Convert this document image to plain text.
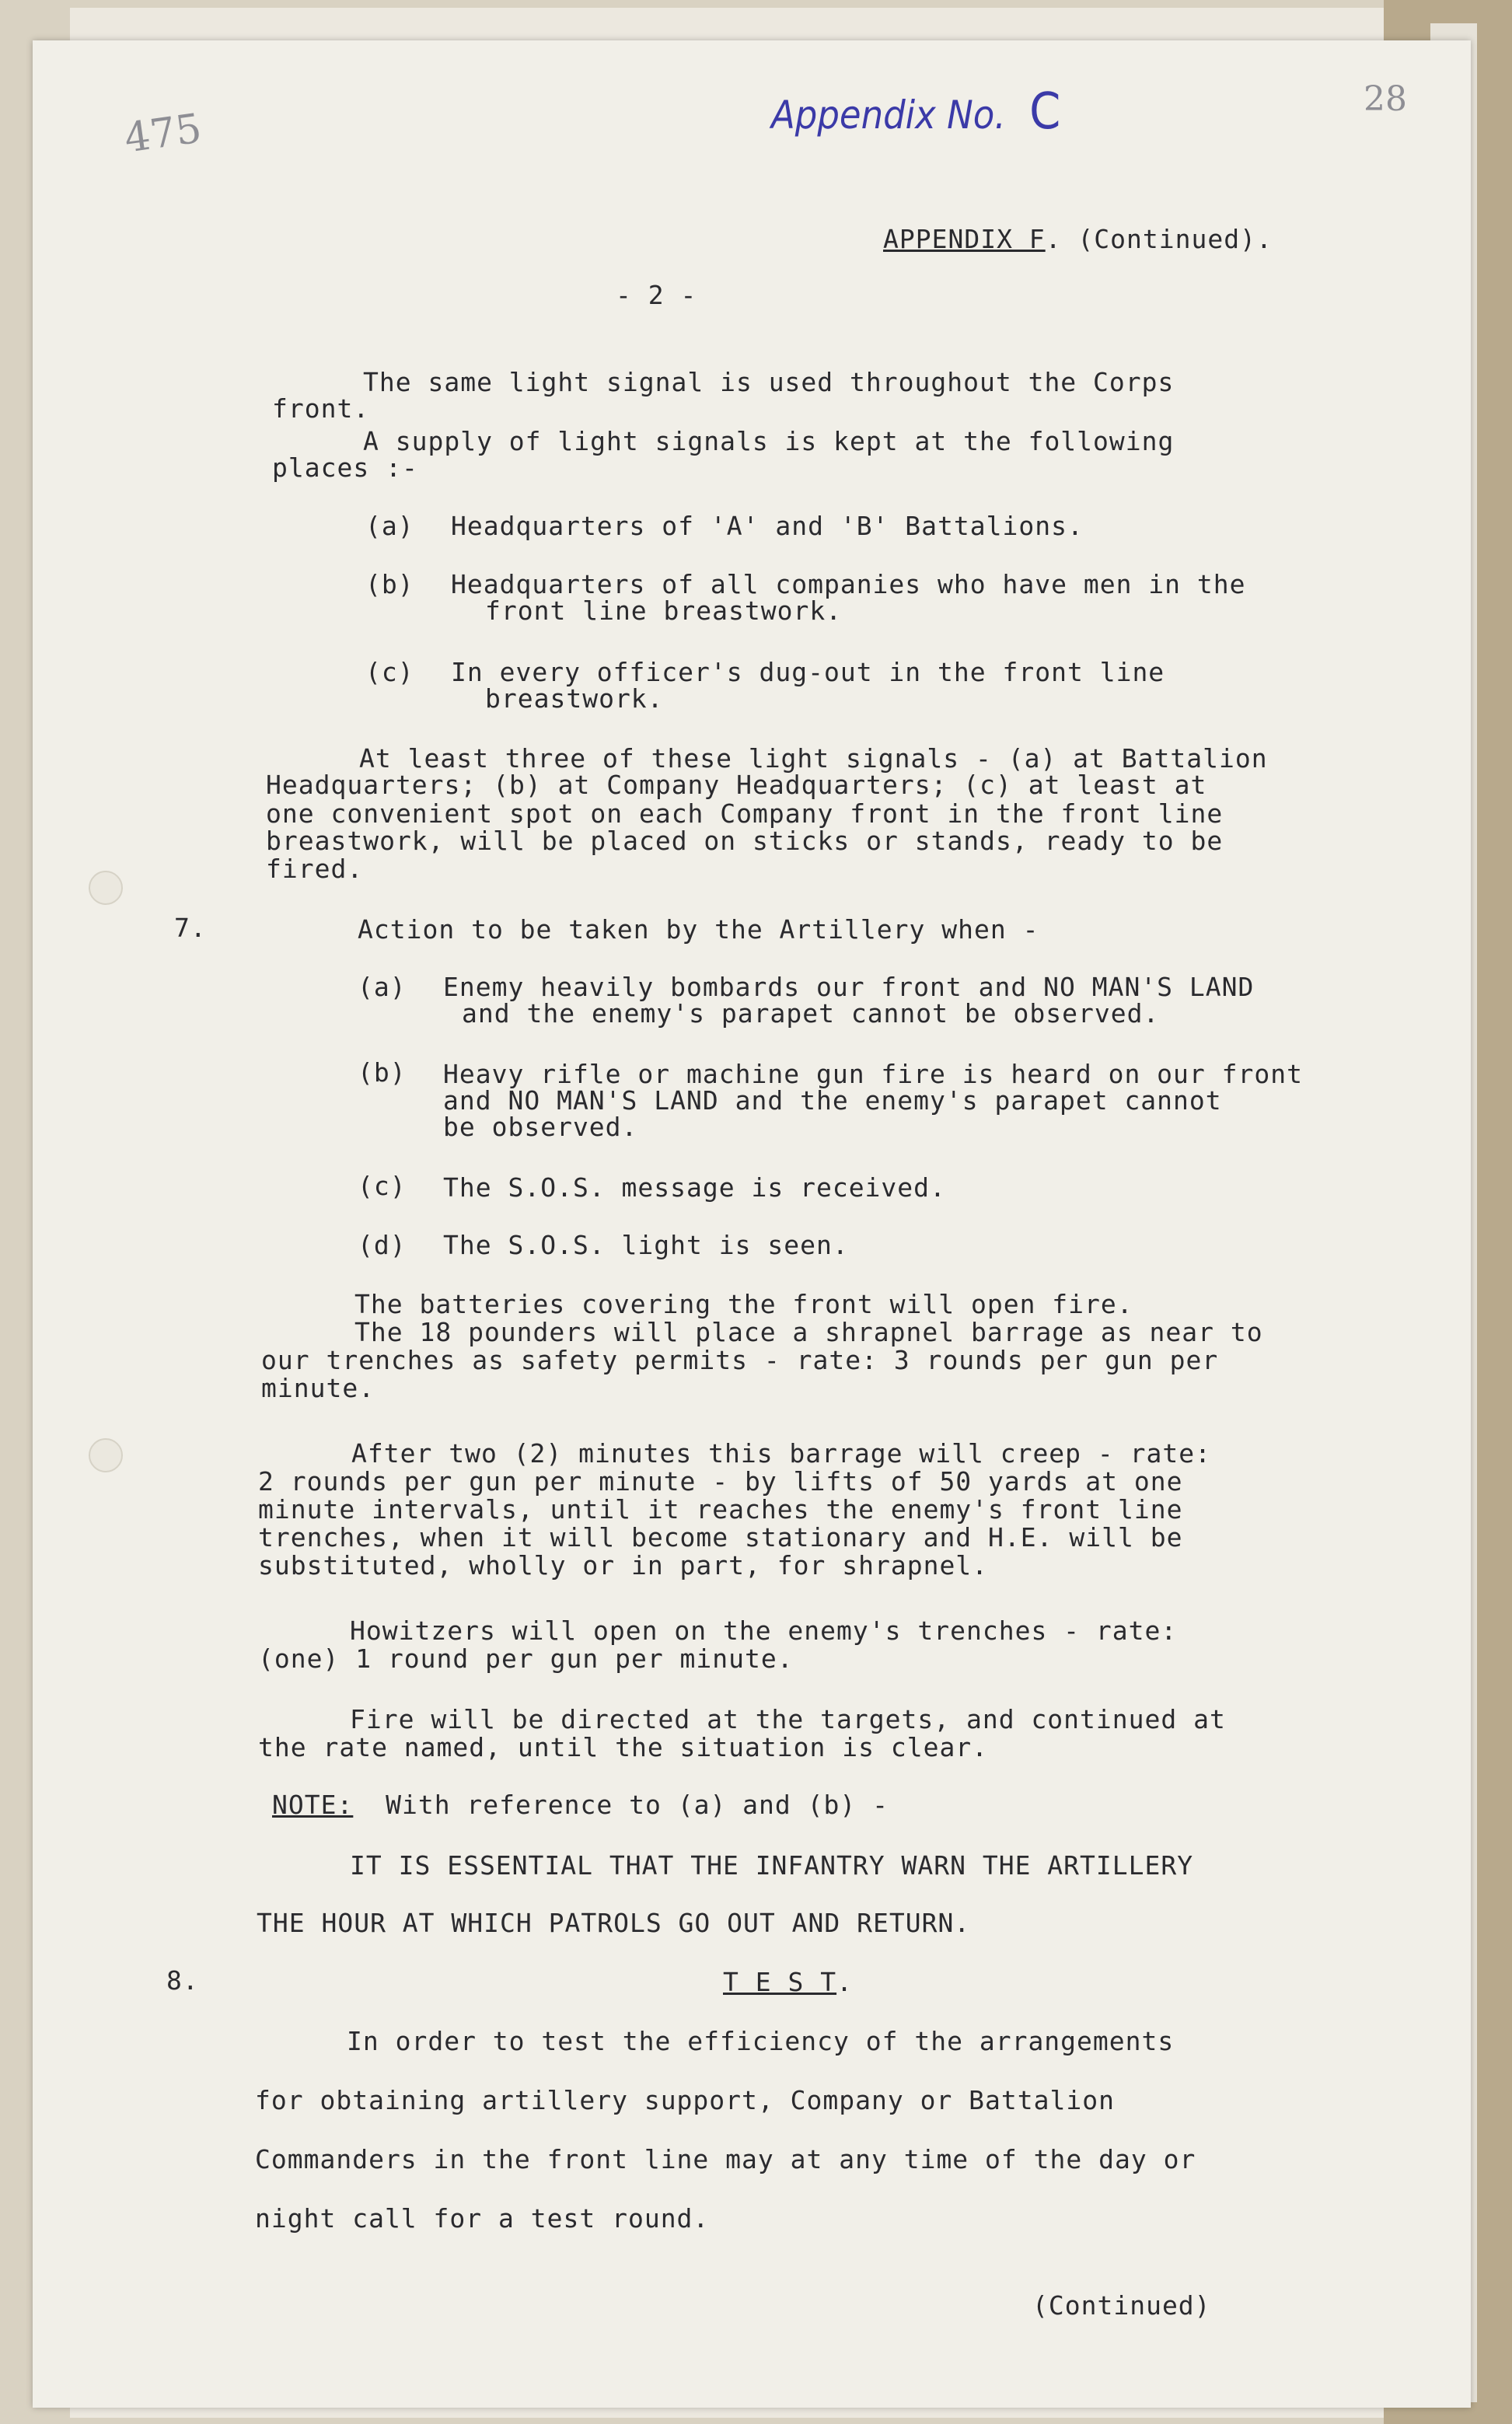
475
28
Appendix No. C
APPENDIX F. (Continued).
- 2 -
The same light signal is used throughout the Corps
front.
A supply of light signals is kept at the following
places :-
(a) Headquarters of 'A' and 'B' Battalions.
(b) Headquarters of all companies who have men in the
front line breastwork.
(c) In every officer's dug-out in the front line
breastwork.
At least three of these light signals - (a) at Battalion
Headquarters; (b) at Company Headquarters; (c) at least at
one convenient spot on each Company front in the front line
breastwork, will be placed on sticks or stands, ready to be
fired.
7.	Action to be taken by the Artillery when -
(a) Enemy heavily bombards our front and NO MAN'S LAND
and the enemy's parapet cannot be observed.
(b) Heavy rifle or machine gun fire is heard on our front
and NO MAN'S LAND and the enemy's parapet cannot
be observed.
(c) The S.O.S. message is received.
(d) The S.O.S. light is seen.
The batteries covering the front will open fire.
The 18 pounders will place a shrapnel barrage as near to
our trenches as safety permits - rate: 3 rounds per gun per
minute.
After two (2) minutes this barrage will creep - rate:
2 rounds per gun per minute - by lifts of 50 yards at one
minute intervals, until it reaches the enemy's front line
trenches, when it will become stationary and H.E. will be
substituted, wholly or in part, for shrapnel.
Howitzers will open on the enemy's trenches - rate:
(one) 1 round per gun per minute.
Fire will be directed at the targets, and continued at
the rate named, until the situation is clear.
NOTE: With reference to (a) and (b) -
IT IS ESSENTIAL THAT THE INFANTRY WARN THE ARTILLERY
THE HOUR AT WHICH PATROLS GO OUT AND RETURN.
8.	T E S T.
In order to test the efficiency of the arrangements
for obtaining artillery support, Company or Battalion
Commanders in the front line may at any time of the day or
night call for a test round.
(Continued)
